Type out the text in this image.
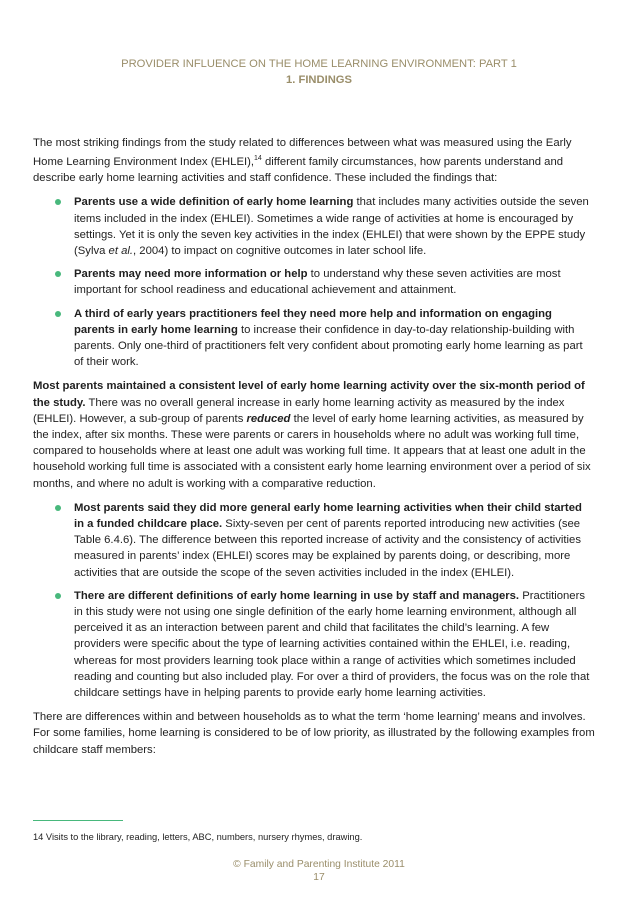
PROVIDER INFLUENCE ON THE HOME LEARNING ENVIRONMENT: PART 1
1. FINDINGS

The most striking findings from the study related to differences between what was measured using the Early Home Learning Environment Index (EHLEI),$^{14}$ different family circumstances, how parents understand and describe early home learning activities and staff confidence. These included the findings that:

Parents use a wide definition of early home learning that includes many activities outside the seven items included in the index (EHLEI). Sometimes a wide range of activities at home is encouraged by settings. Yet it is only the seven key activities in the index (EHLEI) that were shown by the EPPE study (Sylva et al., 2004) to impact on cognitive outcomes in later school life.
Parents may need more information or help to understand why these seven activities are most important for school readiness and educational achievement and attainment.
A third of early years practitioners feel they need more help and information on engaging parents in early home learning to increase their confidence in day-to-day relationship-building with parents. Only one-third of practitioners felt very confident about promoting early home learning as part of their work.

Most parents maintained a consistent level of early home learning activity over the six-month period of the study. There was no overall general increase in early home learning activity as measured by the index (EHLEI). However, a sub-group of parents reduced the level of early home learning activities, as measured by the index, after six months. These were parents or carers in households where no adult was working full time, compared to households where at least one adult was working full time. It appears that at least one adult in the household working full time is associated with a consistent early home learning environment over a period of six months, and where no adult is working with a comparative reduction.

Most parents said they did more general early home learning activities when their child started in a funded childcare place. Sixty-seven per cent of parents reported introducing new activities (see Table 6.4.6). The difference between this reported increase of activity and the consistency of activities measured in parents’ index (EHLEI) scores may be explained by parents doing, or describing, more activities that are outside the scope of the seven activities included in the index (EHLEI).
There are different definitions of early home learning in use by staff and managers. Practitioners in this study were not using one single definition of the early home learning environment, although all perceived it as an interaction between parent and child that facilitates the child’s learning. A few providers were specific about the type of learning activities contained within the EHLEI, i.e. reading, whereas for most providers learning took place within a range of activities which sometimes included reading and counting but also included play. For over a third of providers, the focus was on the role that childcare settings have in helping parents to provide early home learning activities.

There are differences within and between households as to what the term ‘home learning’ means and involves. For some families, home learning is considered to be of low priority, as illustrated by the following examples from childcare staff members:

14 Visits to the library, reading, letters, ABC, numbers, nursery rhymes, drawing.
© Family and Parenting Institute 2011
17
